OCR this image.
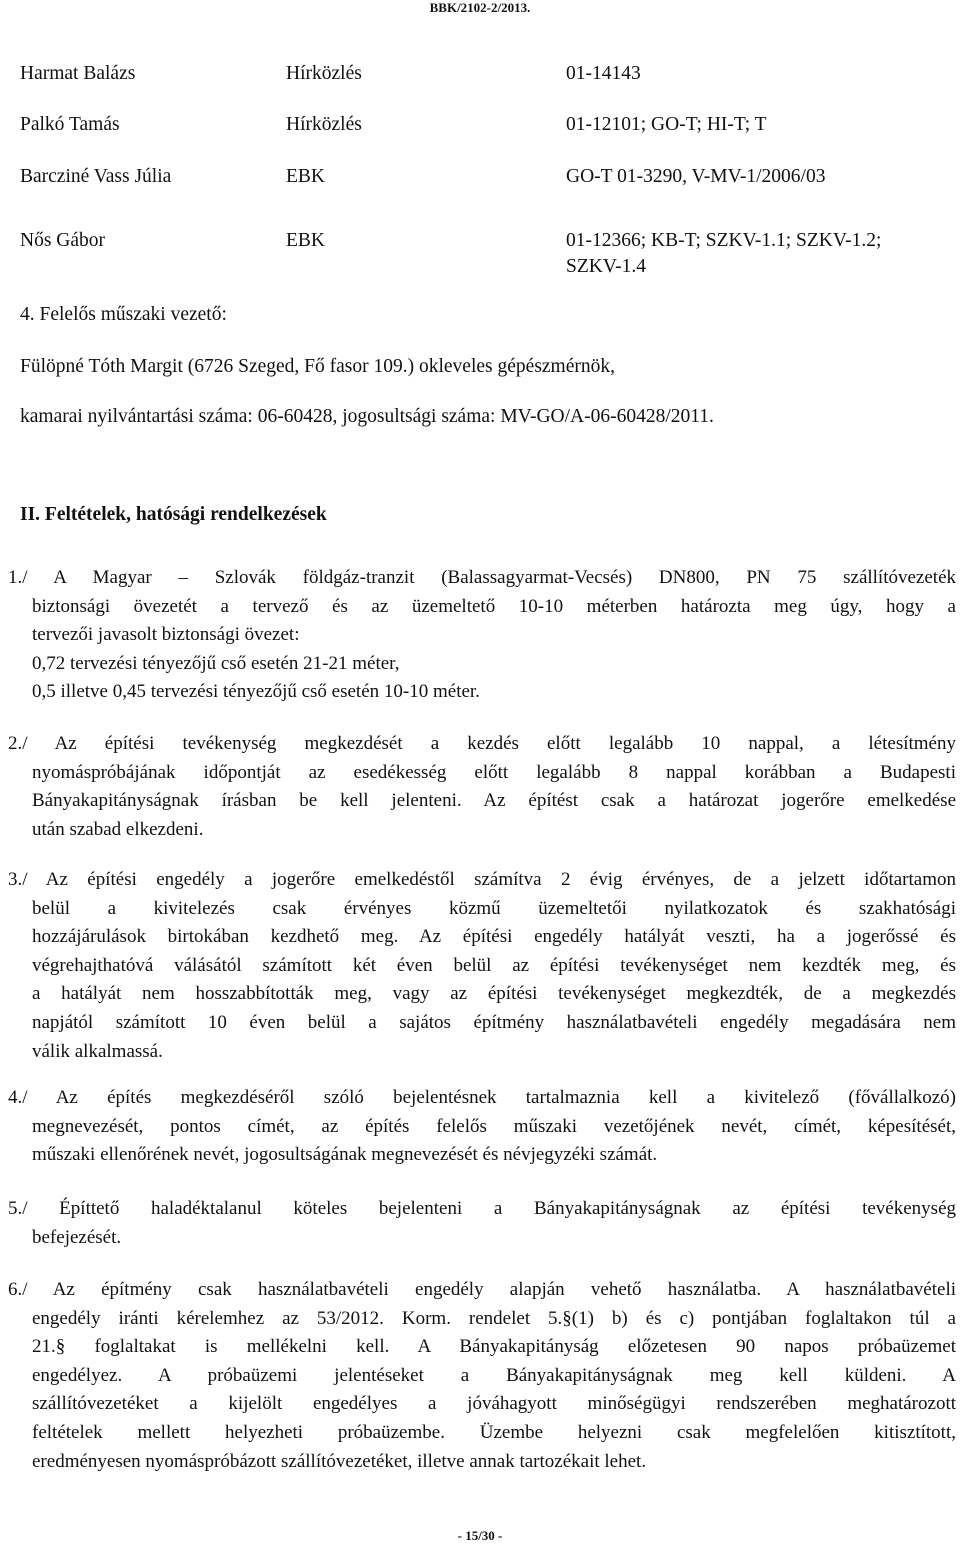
BBK/2102-2/2013.
Harmat Balázs	Hírközlés	01-14143
Palkó Tamás	Hírközlés	01-12101; GO-T; HI-T; T
Barcziné Vass Júlia	EBK	GO-T 01-3290, V-MV-1/2006/03
Nős Gábor	EBK	01-12366; KB-T; SZKV-1.1; SZKV-1.2;
SZKV-1.4
4. Felelős műszaki vezető:
Fülöpné Tóth Margit (6726 Szeged, Fő fasor 109.) okleveles gépészmérnök,
kamarai nyilvántartási száma: 06-60428, jogosultsági száma: MV-GO/A-06-60428/2011.
II. Feltételek, hatósági rendelkezések
1./ A Magyar – Szlovák földgáz-tranzit (Balassagyarmat-Vecsés) DN800, PN 75 szállítóvezeték
biztonsági övezetét a tervező és az üzemeltető 10-10 méterben határozta meg úgy, hogy a
tervezői javasolt biztonsági övezet:
0,72 tervezési tényezőjű cső esetén 21-21 méter,
0,5 illetve 0,45 tervezési tényezőjű cső esetén 10-10 méter.
2./ Az építési tevékenység megkezdését a kezdés előtt legalább 10 nappal, a létesítmény
nyomáspróbájának időpontját az esedékesség előtt legalább 8 nappal korábban a Budapesti
Bányakapitányságnak írásban be kell jelenteni. Az építést csak a határozat jogerőre emelkedése
után szabad elkezdeni.
3./ Az építési engedély a jogerőre emelkedéstől számítva 2 évig érvényes, de a jelzett időtartamon
belül a kivitelezés csak érvényes közmű üzemeltetői nyilatkozatok és szakhatósági
hozzájárulások birtokában kezdhető meg. Az építési engedély hatályát veszti, ha a jogerőssé és
végrehajthatóvá válásától számított két éven belül az építési tevékenységet nem kezdték meg, és
a hatályát nem hosszabbították meg, vagy az építési tevékenységet megkezdték, de a megkezdés
napjától számított 10 éven belül a sajátos építmény használatbavételi engedély megadására nem
válik alkalmassá.
4./ Az építés megkezdéséről szóló bejelentésnek tartalmaznia kell a kivitelező (fővállalkozó)
megnevezését, pontos címét, az építés felelős műszaki vezetőjének nevét, címét, képesítését,
műszaki ellenőrének nevét, jogosultságának megnevezését és névjegyzéki számát.
5./ Építtető haladéktalanul köteles bejelenteni a Bányakapitányságnak az építési tevékenység
befejezését.
6./ Az építmény csak használatbavételi engedély alapján vehető használatba. A használatbavételi
engedély iránti kérelemhez az 53/2012. Korm. rendelet 5.§(1) b) és c) pontjában foglaltakon túl a
21.§ foglaltakat is mellékelni kell. A Bányakapitányság előzetesen 90 napos próbaüzemet
engedélyez. A próbaüzemi jelentéseket a Bányakapitányságnak meg kell küldeni. A
szállítóvezetéket a kijelölt engedélyes a jóváhagyott minőségügyi rendszerében meghatározott
feltételek mellett helyezheti próbaüzembe. Üzembe helyezni csak megfelelően kitisztított,
eredményesen nyomáspróbázott szállítóvezetéket, illetve annak tartozékait lehet.
- 15/30 -
